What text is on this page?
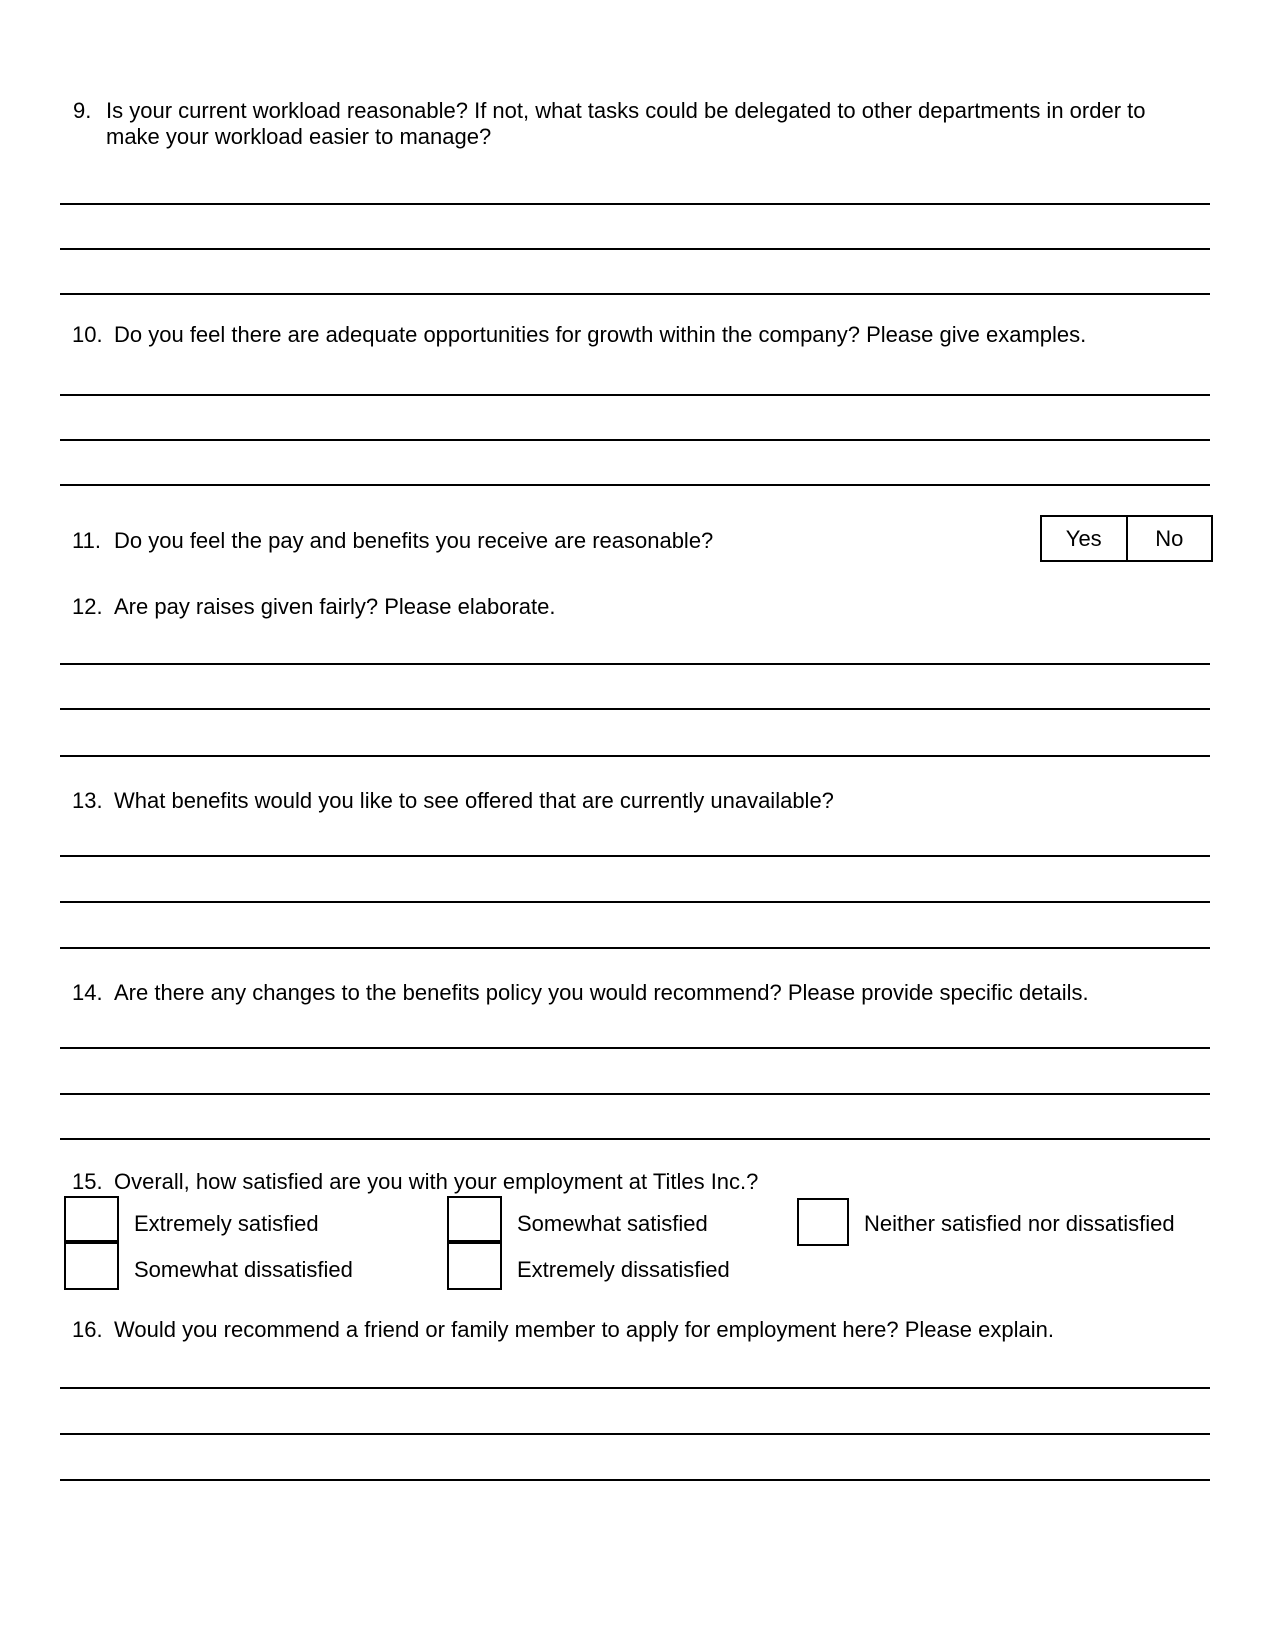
9. Is your current workload reasonable? If not, what tasks could be delegated to other departments in order to make your workload easier to manage?
10. Do you feel there are adequate opportunities for growth within the company? Please give examples.
11. Do you feel the pay and benefits you receive are reasonable?	Yes	No
12. Are pay raises given fairly? Please elaborate.
13. What benefits would you like to see offered that are currently unavailable?
14. Are there any changes to the benefits policy you would recommend? Please provide specific details.
15. Overall, how satisfied are you with your employment at Titles Inc.?
Extremely satisfied	Somewhat satisfied	Neither satisfied nor dissatisfied
Somewhat dissatisfied	Extremely dissatisfied
16. Would you recommend a friend or family member to apply for employment here? Please explain.
